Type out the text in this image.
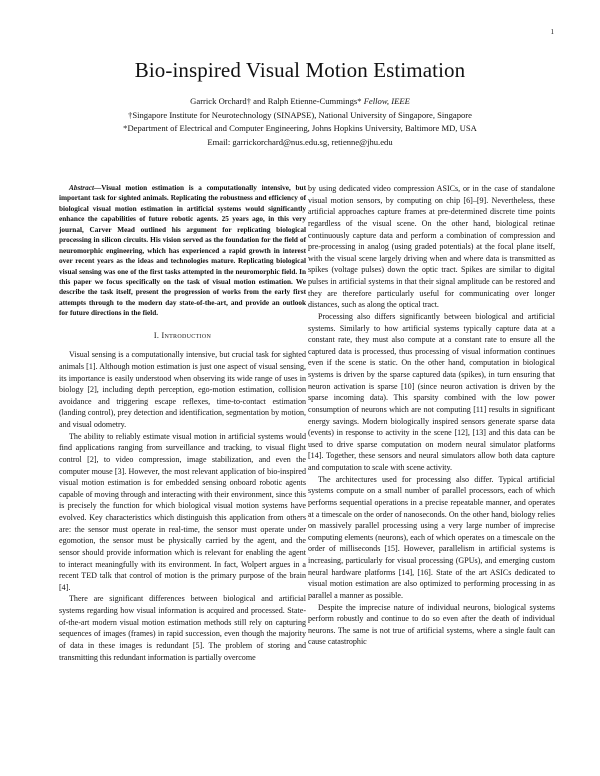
1
Bio-inspired Visual Motion Estimation
Garrick Orchard† and Ralph Etienne-Cummings* Fellow, IEEE
†Singapore Institute for Neurotechnology (SINAPSE), National University of Singapore, Singapore
*Department of Electrical and Computer Engineering, Johns Hopkins University, Baltimore MD, USA
Email: garrickorchard@nus.edu.sg, retienne@jhu.edu

Abstract—Visual motion estimation is a computationally intensive, but important task for sighted animals. Replicating the robustness and efficiency of biological visual motion estimation in artificial systems would significantly enhance the capabilities of future robotic agents. 25 years ago, in this very journal, Carver Mead outlined his argument for replicating biological processing in silicon circuits. His vision served as the foundation for the field of neuromorphic engineering, which has experienced a rapid growth in interest over recent years as the ideas and technologies mature. Replicating biological visual sensing was one of the first tasks attempted in the neuromorphic field. In this paper we focus specifically on the task of visual motion estimation. We describe the task itself, present the progression of works from the early first attempts through to the modern day state-of-the-art, and provide an outlook for future directions in the field.

I. Introduction

Visual sensing is a computationally intensive, but crucial task for sighted animals [1]. Although motion estimation is just one aspect of visual sensing, its importance is easily understood when observing its wide range of uses in biology [2], including depth perception, ego-motion estimation, collision avoidance and triggering escape reflexes, time-to-contact estimation (landing control), prey detection and identification, segmentation by motion, and visual odometry.

The ability to reliably estimate visual motion in artificial systems would find applications ranging from surveillance and tracking, to visual flight control [2], to video compression, image stabilization, and even the computer mouse [3]. However, the most relevant application of bio-inspired visual motion estimation is for embedded sensing onboard robotic agents capable of moving through and interacting with their environment, since this is precisely the function for which biological visual motion systems have evolved. Key characteristics which distinguish this application from others are: the sensor must operate in real-time, the sensor must operate under egomotion, the sensor must be physically carried by the agent, and the sensor should provide information which is relevant for enabling the agent to interact meaningfully with its environment. In fact, Wolpert argues in a recent TED talk that control of motion is the primary purpose of the brain [4].

There are significant differences between biological and artificial systems regarding how visual information is acquired and processed. State-of-the-art modern visual motion estimation methods still rely on capturing sequences of images (frames) in rapid succession, even though the majority of data in these images is redundant [5]. The problem of storing and transmitting this redundant information is partially overcome

by using dedicated video compression ASICs, or in the case of standalone visual motion sensors, by computing on chip [6]–[9]. Nevertheless, these artificial approaches capture frames at pre-determined discrete time points regardless of the visual scene. On the other hand, biological retinae continuously capture data and perform a combination of compression and pre-processing in analog (using graded potentials) at the focal plane itself, with the visual scene largely driving when and where data is transmitted as spikes (voltage pulses) down the optic tract. Spikes are similar to digital pulses in artificial systems in that their signal amplitude can be restored and they are therefore particularly useful for communicating over longer distances, such as along the optical tract.

Processing also differs significantly between biological and artificial systems. Similarly to how artificial systems typically capture data at a constant rate, they must also compute at a constant rate to ensure all the captured data is processed, thus processing of visual information continues even if the scene is static. On the other hand, computation in biological systems is driven by the sparse captured data (spikes), in turn ensuring that neuron activation is sparse [10] (since neuron activation is driven by the sparse incoming data). This sparsity combined with the low power consumption of neurons which are not computing [11] results in significant energy savings. Modern biologically inspired sensors generate sparse data (events) in response to activity in the scene [12], [13] and this data can be used to drive sparse computation on modern neural simulator platforms [14]. Together, these sensors and neural simulators allow both data capture and computation to scale with scene activity.

The architectures used for processing also differ. Typical artificial systems compute on a small number of parallel processors, each of which performs sequential operations in a precise repeatable manner, and operates at a timescale on the order of nanoseconds. On the other hand, biology relies on massively parallel processing using a very large number of imprecise computing elements (neurons), each of which operates on a timescale on the order of milliseconds [15]. However, parallelism in artificial systems is increasing, particularly for visual processing (GPUs), and emerging custom neural hardware platforms [14], [16]. State of the art ASICs dedicated to visual motion estimation are also optimized to performing processing in as parallel a manner as possible.

Despite the imprecise nature of individual neurons, biological systems perform robustly and continue to do so even after the death of individual neurons. The same is not true of artificial systems, where a single fault can cause catastrophic
